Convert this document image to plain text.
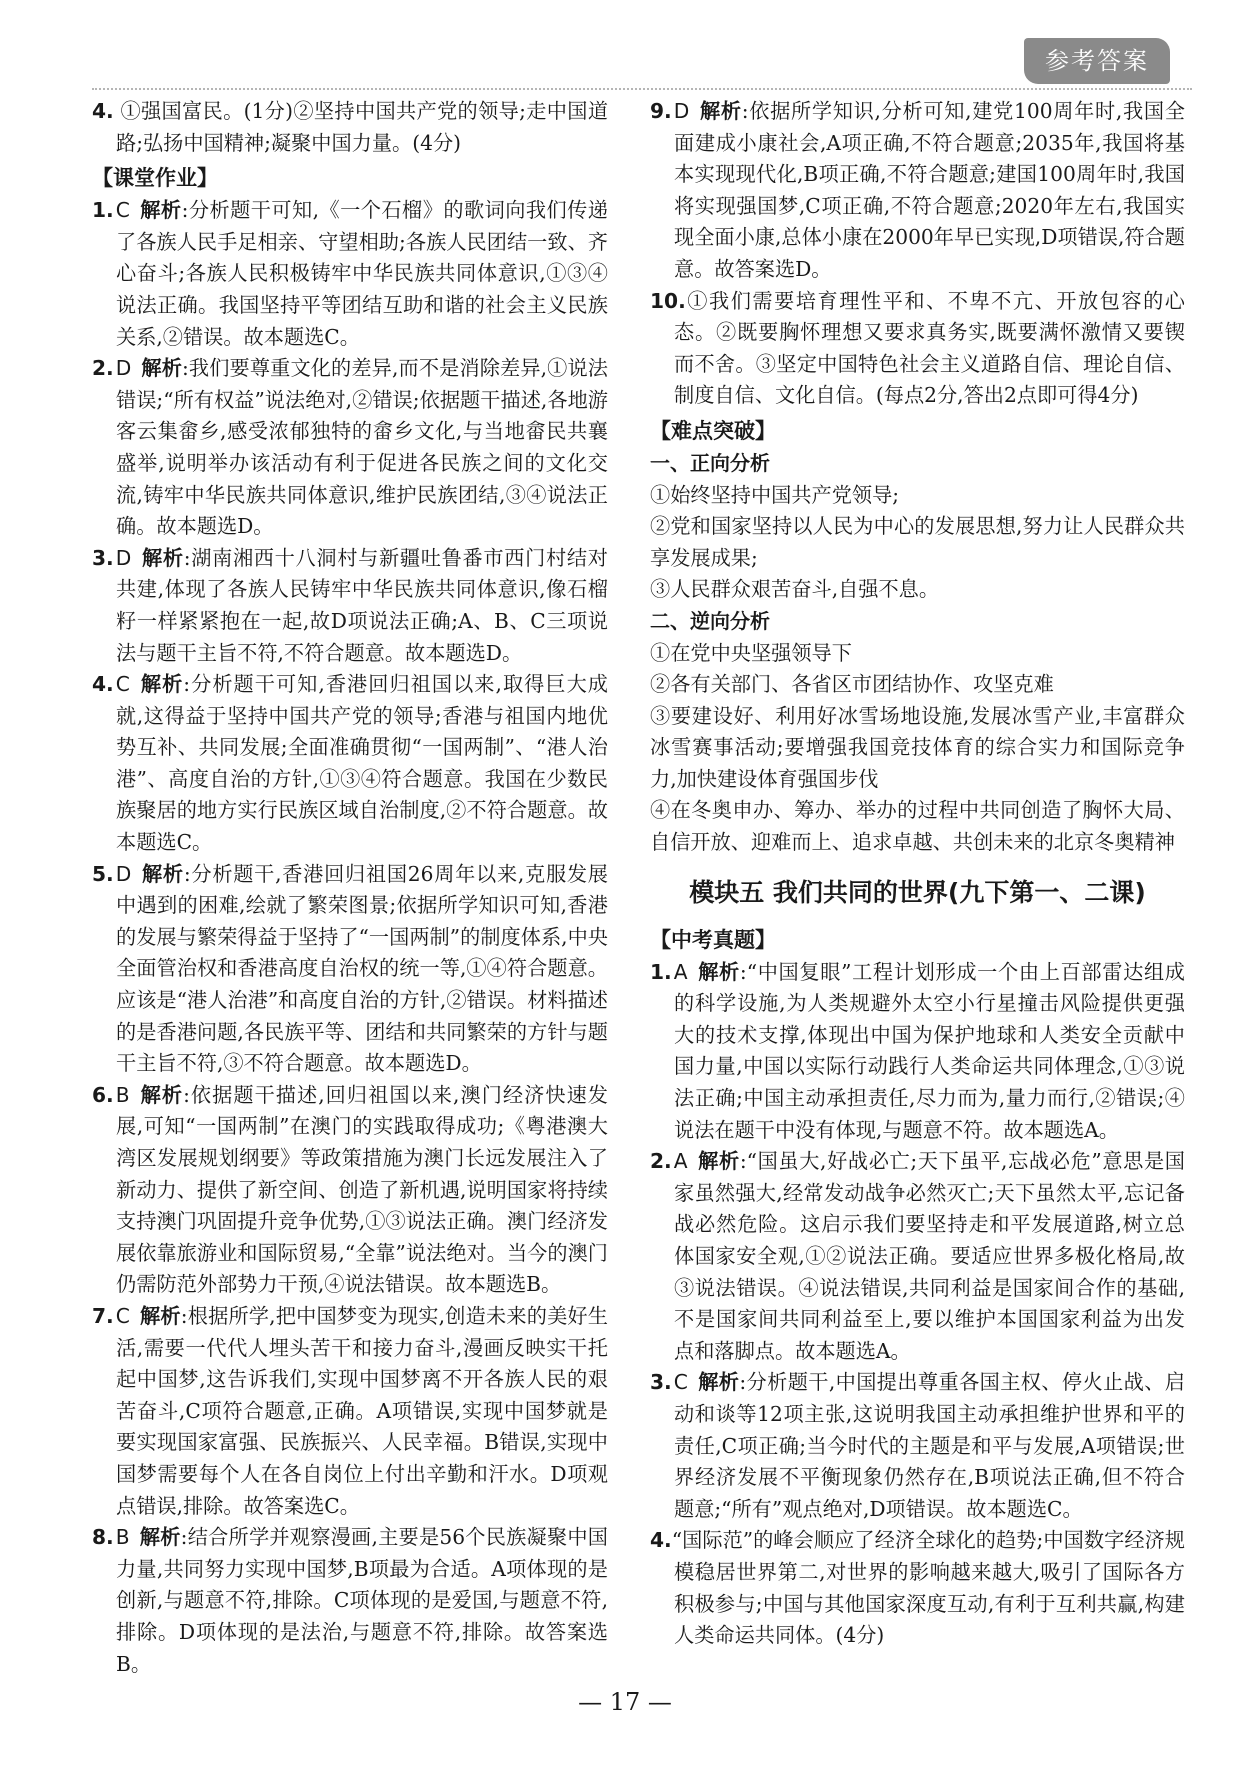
参考答案

4. ①强国富民。(1分)②坚持中国共产党的领导;走中国道路;弘扬中国精神;凝聚中国力量。(4分)

【课堂作业】

1.C 解析:分析题干可知,《一个石榴》的歌词向我们传递了各族人民手足相亲、守望相助;各族人民团结一致、齐心奋斗;各族人民积极铸牢中华民族共同体意识,①③④说法正确。我国坚持平等团结互助和谐的社会主义民族关系,②错误。故本题选C。

2.D 解析:我们要尊重文化的差异,而不是消除差异,①说法错误;“所有权益”说法绝对,②错误;依据题干描述,各地游客云集畲乡,感受浓郁独特的畲乡文化,与当地畲民共襄盛举,说明举办该活动有利于促进各民族之间的文化交流,铸牢中华民族共同体意识,维护民族团结,③④说法正确。故本题选D。

3.D 解析:湖南湘西十八洞村与新疆吐鲁番市西门村结对共建,体现了各族人民铸牢中华民族共同体意识,像石榴籽一样紧紧抱在一起,故D项说法正确;A、B、C三项说法与题干主旨不符,不符合题意。故本题选D。

4.C 解析:分析题干可知,香港回归祖国以来,取得巨大成就,这得益于坚持中国共产党的领导;香港与祖国内地优势互补、共同发展;全面准确贯彻“一国两制”、“港人治港”、高度自治的方针,①③④符合题意。我国在少数民族聚居的地方实行民族区域自治制度,②不符合题意。故本题选C。

5.D 解析:分析题干,香港回归祖国26周年以来,克服发展中遇到的困难,绘就了繁荣图景;依据所学知识可知,香港的发展与繁荣得益于坚持了“一国两制”的制度体系,中央全面管治权和香港高度自治权的统一等,①④符合题意。应该是“港人治港”和高度自治的方针,②错误。材料描述的是香港问题,各民族平等、团结和共同繁荣的方针与题干主旨不符,③不符合题意。故本题选D。

6.B 解析:依据题干描述,回归祖国以来,澳门经济快速发展,可知“一国两制”在澳门的实践取得成功;《粤港澳大湾区发展规划纲要》等政策措施为澳门长远发展注入了新动力、提供了新空间、创造了新机遇,说明国家将持续支持澳门巩固提升竞争优势,①③说法正确。澳门经济发展依靠旅游业和国际贸易,“全靠”说法绝对。当今的澳门仍需防范外部势力干预,④说法错误。故本题选B。

7.C 解析:根据所学,把中国梦变为现实,创造未来的美好生活,需要一代代人埋头苦干和接力奋斗,漫画反映实干托起中国梦,这告诉我们,实现中国梦离不开各族人民的艰苦奋斗,C项符合题意,正确。A项错误,实现中国梦就是要实现国家富强、民族振兴、人民幸福。B错误,实现中国梦需要每个人在各自岗位上付出辛勤和汗水。D项观点错误,排除。故答案选C。

8.B 解析:结合所学并观察漫画,主要是56个民族凝聚中国力量,共同努力实现中国梦,B项最为合适。A项体现的是创新,与题意不符,排除。C项体现的是爱国,与题意不符,排除。D项体现的是法治,与题意不符,排除。故答案选B。

9.D 解析:依据所学知识,分析可知,建党100周年时,我国全面建成小康社会,A项正确,不符合题意;2035年,我国将基本实现现代化,B项正确,不符合题意;建国100周年时,我国将实现强国梦,C项正确,不符合题意;2020年左右,我国实现全面小康,总体小康在2000年早已实现,D项错误,符合题意。故答案选D。

10.①我们需要培育理性平和、不卑不亢、开放包容的心态。②既要胸怀理想又要求真务实,既要满怀激情又要锲而不舍。③坚定中国特色社会主义道路自信、理论自信、制度自信、文化自信。(每点2分,答出2点即可得4分)

【难点突破】

一、正向分析

①始终坚持中国共产党领导;

②党和国家坚持以人民为中心的发展思想,努力让人民群众共享发展成果;

③人民群众艰苦奋斗,自强不息。

二、逆向分析

①在党中央坚强领导下

②各有关部门、各省区市团结协作、攻坚克难

③要建设好、利用好冰雪场地设施,发展冰雪产业,丰富群众冰雪赛事活动;要增强我国竞技体育的综合实力和国际竞争力,加快建设体育强国步伐

④在冬奥申办、筹办、举办的过程中共同创造了胸怀大局、自信开放、迎难而上、追求卓越、共创未来的北京冬奥精神

模块五 我们共同的世界(九下第一、二课)

【中考真题】

1.A 解析:“中国复眼”工程计划形成一个由上百部雷达组成的科学设施,为人类规避外太空小行星撞击风险提供更强大的技术支撑,体现出中国为保护地球和人类安全贡献中国力量,中国以实际行动践行人类命运共同体理念,①③说法正确;中国主动承担责任,尽力而为,量力而行,②错误;④说法在题干中没有体现,与题意不符。故本题选A。

2.A 解析:“国虽大,好战必亡;天下虽平,忘战必危”意思是国家虽然强大,经常发动战争必然灭亡;天下虽然太平,忘记备战必然危险。这启示我们要坚持走和平发展道路,树立总体国家安全观,①②说法正确。要适应世界多极化格局,故③说法错误。④说法错误,共同利益是国家间合作的基础,不是国家间共同利益至上,要以维护本国国家利益为出发点和落脚点。故本题选A。

3.C 解析:分析题干,中国提出尊重各国主权、停火止战、启动和谈等12项主张,这说明我国主动承担维护世界和平的责任,C项正确;当今时代的主题是和平与发展,A项错误;世界经济发展不平衡现象仍然存在,B项说法正确,但不符合题意;“所有”观点绝对,D项错误。故本题选C。

4.“国际范”的峰会顺应了经济全球化的趋势;中国数字经济规模稳居世界第二,对世界的影响越来越大,吸引了国际各方积极参与;中国与其他国家深度互动,有利于互利共赢,构建人类命运共同体。(4分)

— 17 —
